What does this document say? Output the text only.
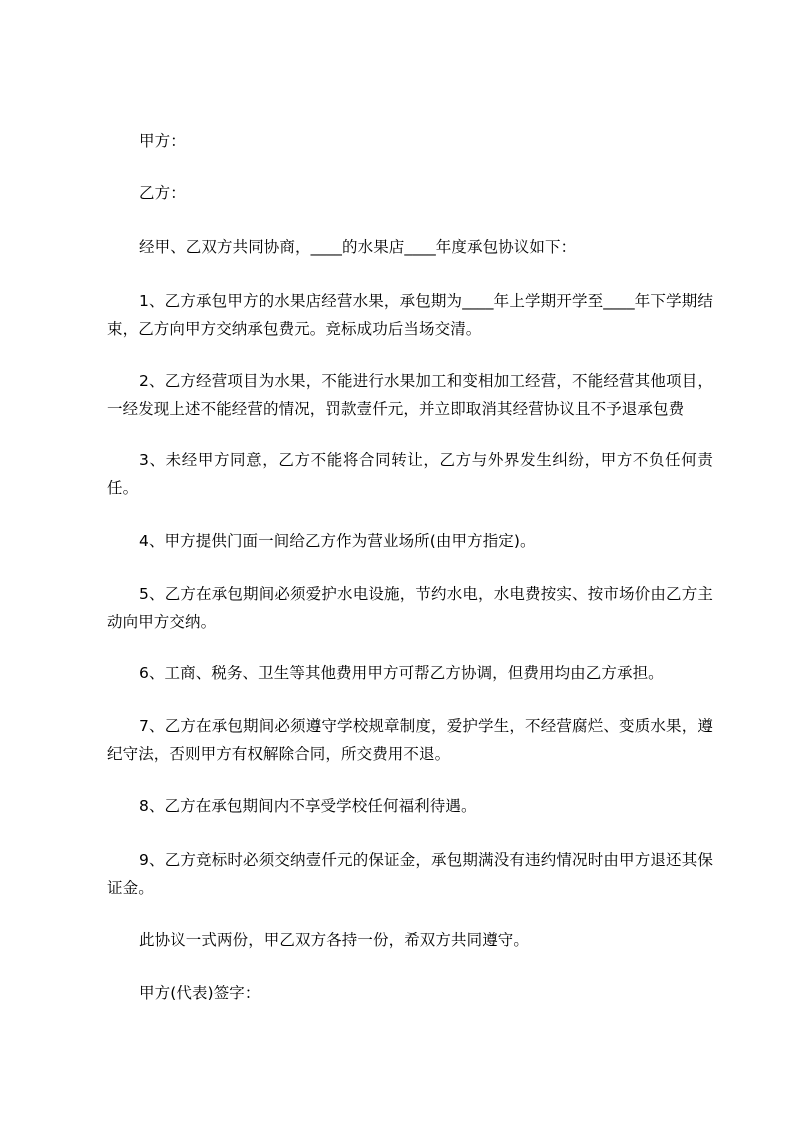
甲方：
乙方：
经甲、乙双方共同协商，____的水果店____年度承包协议如下：
1、乙方承包甲方的水果店经营水果，承包期为____年上学期开学至____年下学期结束，乙方向甲方交纳承包费元。竞标成功后当场交清。
2、乙方经营项目为水果，不能进行水果加工和变相加工经营，不能经营其他项目，一经发现上述不能经营的情况，罚款壹仟元，并立即取消其经营协议且不予退承包费
3、未经甲方同意，乙方不能将合同转让，乙方与外界发生纠纷，甲方不负任何责任。
4、甲方提供门面一间给乙方作为营业场所(由甲方指定)。
5、乙方在承包期间必须爱护水电设施，节约水电，水电费按实、按市场价由乙方主动向甲方交纳。
6、工商、税务、卫生等其他费用甲方可帮乙方协调，但费用均由乙方承担。
7、乙方在承包期间必须遵守学校规章制度，爱护学生，不经营腐烂、变质水果，遵纪守法，否则甲方有权解除合同，所交费用不退。
8、乙方在承包期间内不享受学校任何福利待遇。
9、乙方竞标时必须交纳壹仟元的保证金，承包期满没有违约情况时由甲方退还其保证金。
此协议一式两份，甲乙双方各持一份，希双方共同遵守。
甲方(代表)签字：
